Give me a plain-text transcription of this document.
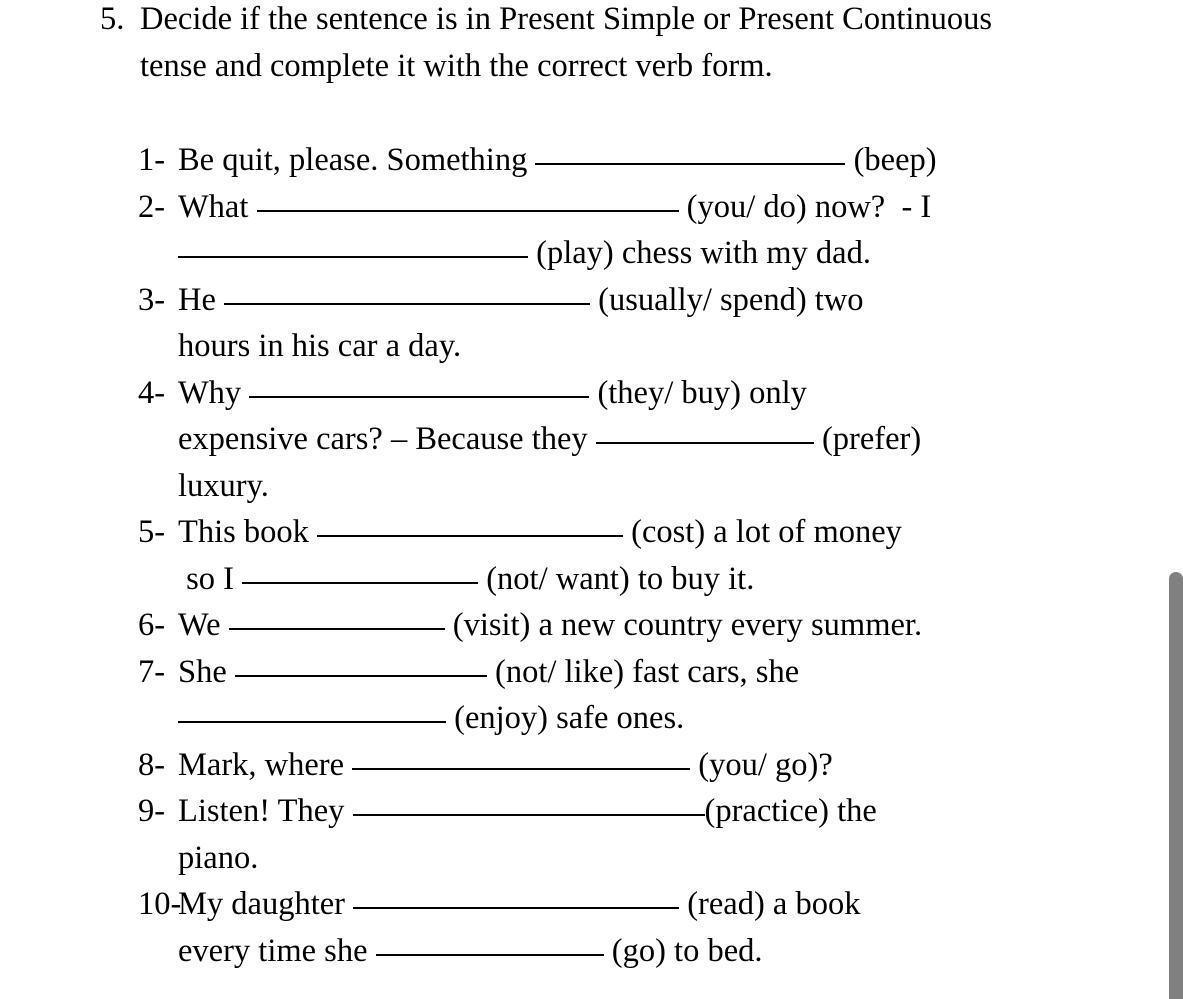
5. Decide if the sentence is in Present Simple or Present Continuous tense and complete it with the correct verb form.
1- Be quit, please. Something	(beep)
2- What	(you/ do) now?  - I
(play) chess with my dad.
3- He	(usually/ spend) two
hours in his car a day.
4- Why	(they/ buy) only
expensive cars? – Because they	(prefer)
luxury.
5- This book	(cost) a lot of money
so I	(not/ want) to buy it.
6- We	(visit) a new country every summer.
7- She	(not/ like) fast cars, she
(enjoy) safe ones.
8- Mark, where	(you/ go)?
9- Listen! They	(practice) the
piano.
10-
My daughter	(read) a book
every time she	(go) to bed.
